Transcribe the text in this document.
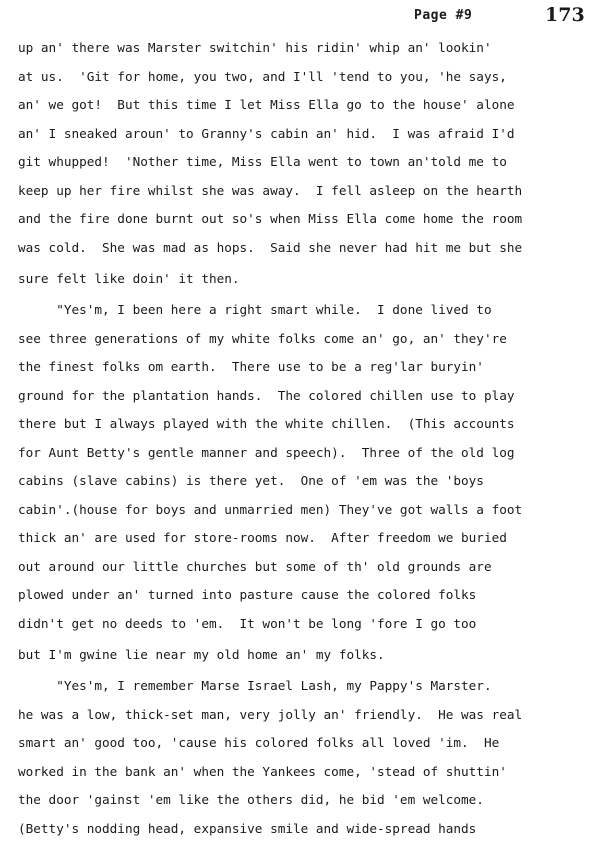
Page #9	173
up an' there was Marster switchin' his ridin' whip an' lookin'
at us.  'Git for home, you two, and I'll 'tend to you, 'he says,
an' we got!  But this time I let Miss Ella go to the house' alone
an' I sneaked aroun' to Granny's cabin an' hid.  I was afraid I'd
git whupped!  'Nother time, Miss Ella went to town an'told me to
keep up her fire whilst she was away.  I fell asleep on the hearth
and the fire done burnt out so's when Miss Ella come home the room
was cold.  She was mad as hops.  Said she never had hit me but she
sure felt like doin' it then.
"Yes'm, I been here a right smart while.  I done lived to
see three generations of my white folks come an' go, an' they're
the finest folks om earth.  There use to be a reg'lar buryin'
ground for the plantation hands.  The colored chillen use to play
there but I always played with the white chillen.  (This accounts
for Aunt Betty's gentle manner and speech).  Three of the old log
cabins (slave cabins) is there yet.  One of 'em was the 'boys
cabin'.(house for boys and unmarried men) They've got walls a foot
thick an' are used for store-rooms now.  After freedom we buried
out around our little churches but some of th' old grounds are
plowed under an' turned into pasture cause the colored folks
didn't get no deeds to 'em.  It won't be long 'fore I go too
but I'm gwine lie near my old home an' my folks.
"Yes'm, I remember Marse Israel Lash, my Pappy's Marster.
he was a low, thick-set man, very jolly an' friendly.  He was real
smart an' good too, 'cause his colored folks all loved 'im.  He
worked in the bank an' when the Yankees come, 'stead of shuttin'
the door 'gainst 'em like the others did, he bid 'em welcome.
(Betty's nodding head, expansive smile and wide-spread hands
